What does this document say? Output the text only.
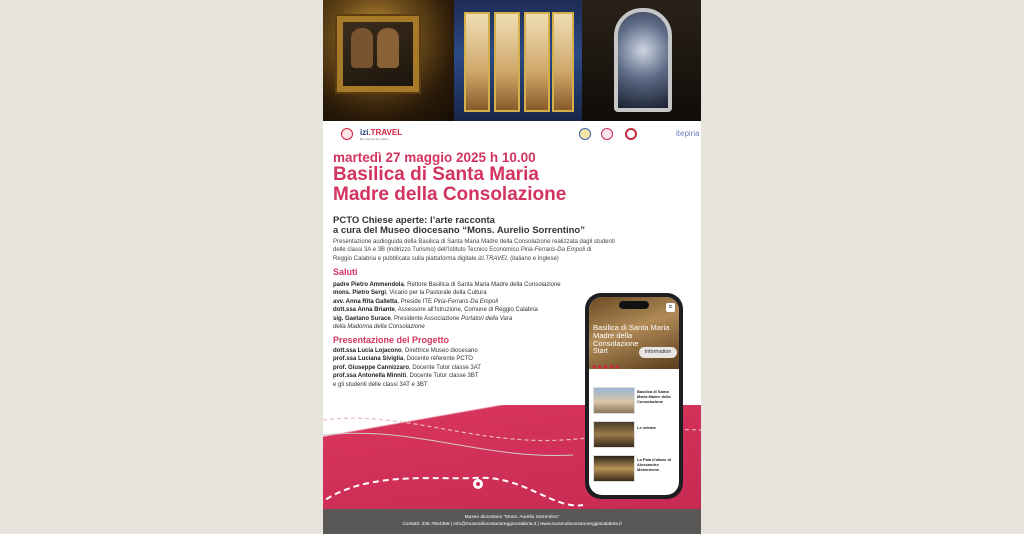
izi.TRAVEL
Be inspired by culture
itepiria
martedì 27 maggio 2025 h 10.00
Basilica di Santa Maria
Madre della Consolazione
PCTO Chiese aperte: l’arte racconta
a cura del Museo diocesano “Mons. Aurelio Sorrentino”
Presentazione audioguida della Basilica di Santa Maria Madre della Consolazione realizzata dagli studenti
delle classi 3A e 3B (indirizzo Turismo) dell’Istituto Tecnico Economico Piria-Ferraris-Da Empoli di
Reggio Calabria e pubblicata sulla piattaforma digitale izi.TRAVEL (italiano e inglese)
Saluti
padre Pietro Ammendola, Rettore Basilica di Santa Maria Madre della Consolazione
mons. Pietro Sergi, Vicario per la Pastorale della Cultura
avv. Anna Rita Galletta, Preside ITE Piria-Ferraris-Da Empoli
dott.ssa Anna Briante, Assessore all’Istruzione, Comune di Reggio Calabria
sig. Gaetano Surace, Presidente Associazione Portatori della Vara
della Madonna della Consolazione
Presentazione del Progetto
dott.ssa Lucia Lojacono, Direttrice Museo diocesano
prof.ssa Luciana Siviglia, Docente referente PCTO
prof. Giuseppe Cannizzaro, Docente Tutor classe 3AT
prof.ssa Antonella Minniti, Docente Tutor classe 3BT
e gli studenti delle classi 3AT e 3BT
Museo diocesano “Mons. Aurelio Sorrentino”
Contatti: 338.7554386 | info@museodiocesanoreggiocalabria.it | www.museodiocesanoreggiocalabria.it
iz
Basilica di Santa Maria Madre della Consolazione
Start	Information
★★★★★
Basilica di Santa Maria Madre della Consolazione
Le vetrate
La Pala d’altare di Alessandro Monteleone
